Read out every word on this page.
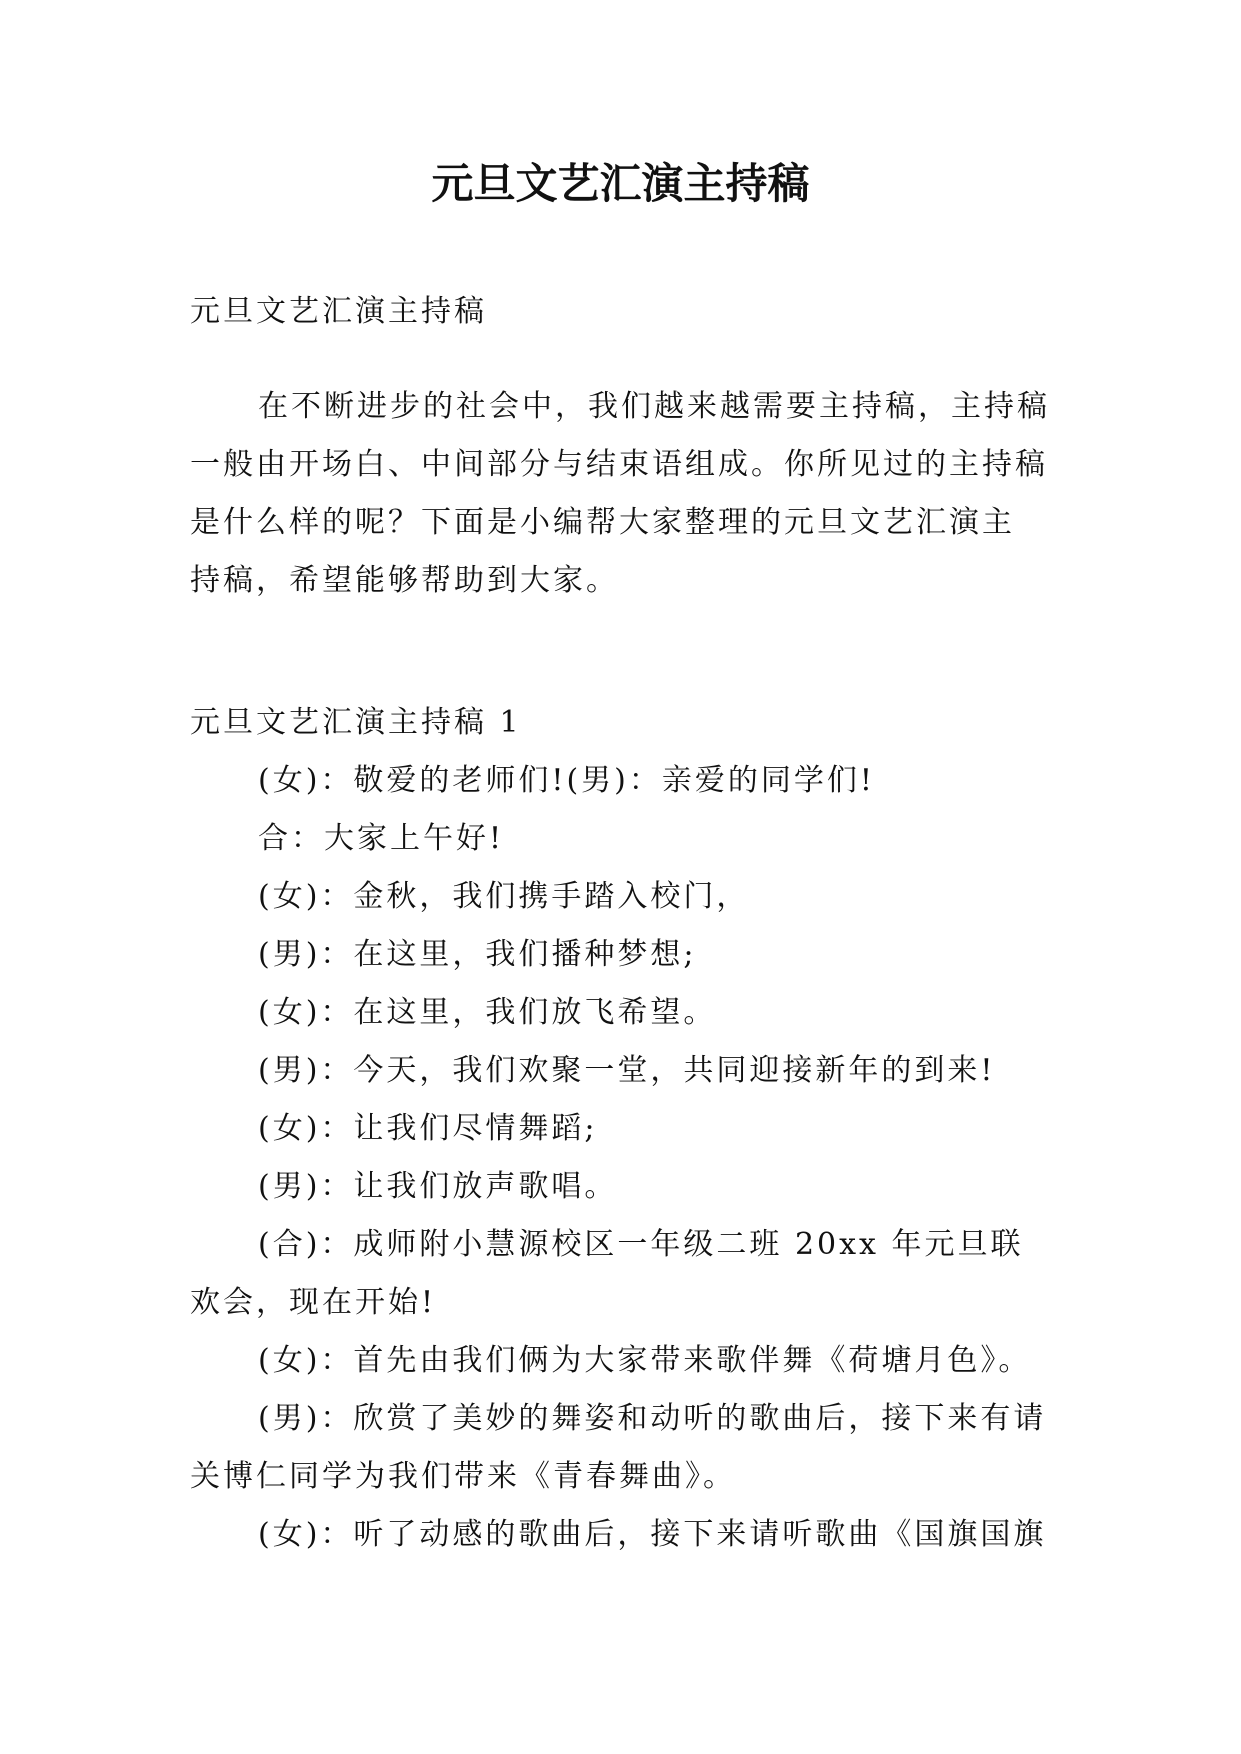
元旦文艺汇演主持稿

元旦文艺汇演主持稿

在不断进步的社会中，我们越来越需要主持稿，主持稿

一般由开场白、中间部分与结束语组成。你所见过的主持稿

是什么样的呢？下面是小编帮大家整理的元旦文艺汇演主

持稿，希望能够帮助到大家。

元旦文艺汇演主持稿 1

(女)：敬爱的老师们!(男)：亲爱的同学们!
合：大家上午好!
(女)：金秋，我们携手踏入校门，
(男)：在这里，我们播种梦想;
(女)：在这里，我们放飞希望。
(男)：今天，我们欢聚一堂，共同迎接新年的到来!
(女)：让我们尽情舞蹈;
(男)：让我们放声歌唱。
(合)：成师附小慧源校区一年级二班 20xx 年元旦联欢会，现在开始!
(女)：首先由我们俩为大家带来歌伴舞《荷塘月色》。
(男)：欣赏了美妙的舞姿和动听的歌曲后，接下来有请关博仁同学为我们带来《青春舞曲》。
(女)：听了动感的歌曲后，接下来请听歌曲《国旗国旗
